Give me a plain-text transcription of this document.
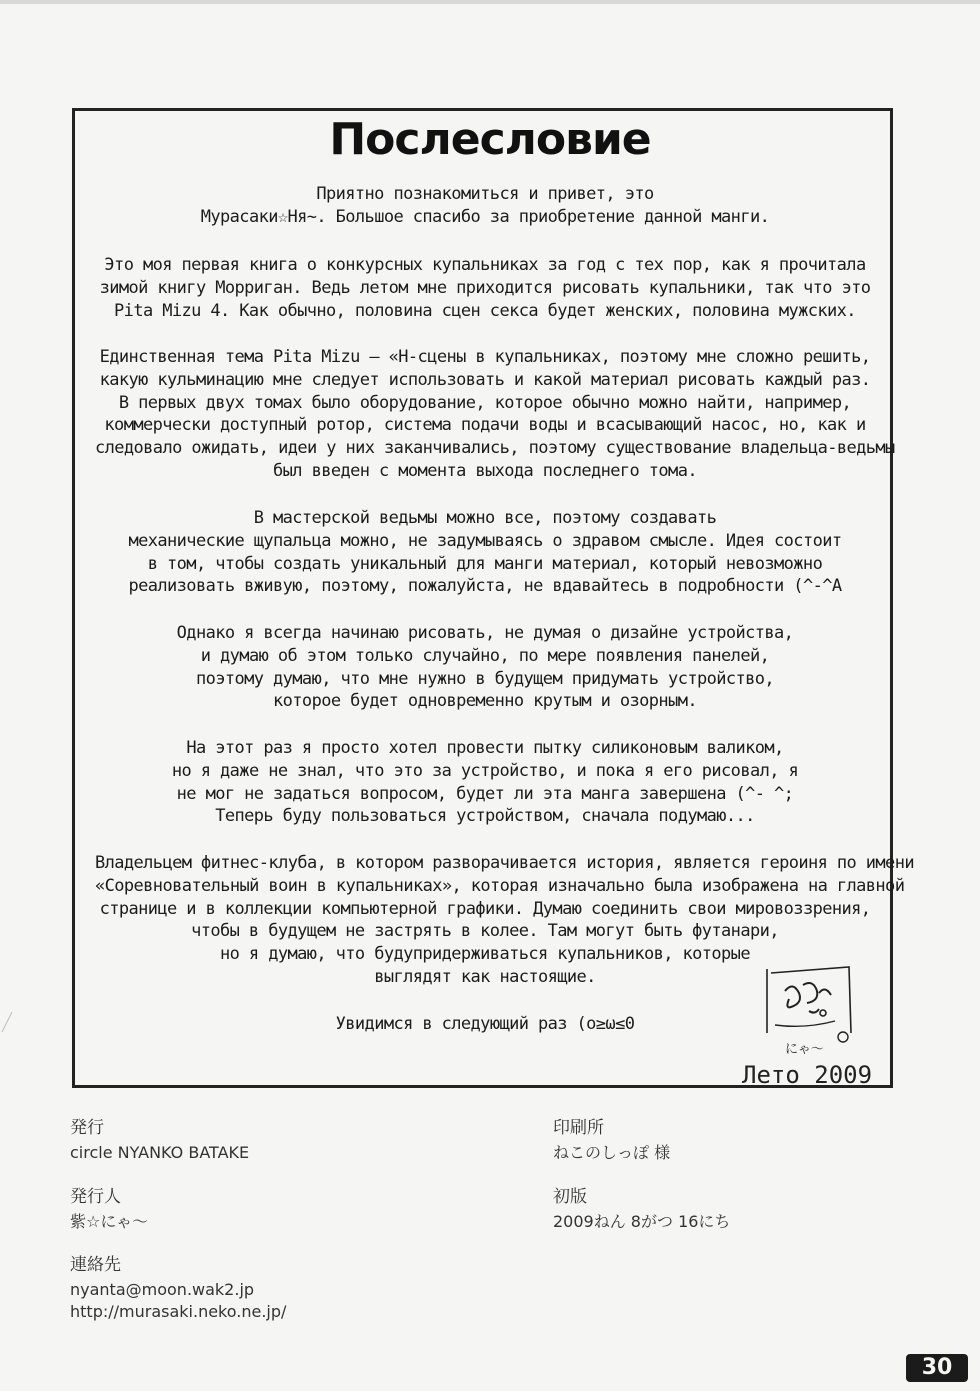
Послесловие
Приятно познакомиться и привет, это
Мурасаки☆Ня~. Большое спасибо за приобретение данной манги.
Это моя первая книга о конкурсных купальниках за год с тех пор, как я прочитала
зимой книгу Морриган. Ведь летом мне приходится рисовать купальники, так что это
Pita Mizu 4. Как обычно, половина сцен секса будет женских, половина мужских.
Единственная тема Pita Mizu — «Н-сцены в купальниках, поэтому мне сложно решить,
какую кульминацию мне следует использовать и какой материал рисовать каждый раз.
В первых двух томах было оборудование, которое обычно можно найти, например,
коммерчески доступный ротор, система подачи воды и всасывающий насос, но, как и
следовало ожидать, идеи у них заканчивались, поэтому существование владельца-ведьмы
был введен с момента выхода последнего тома.
В мастерской ведьмы можно все, поэтому создавать
механические щупальца можно, не задумываясь о здравом смысле. Идея состоит
в том, чтобы создать уникальный для манги материал, который невозможно
реализовать вживую, поэтому, пожалуйста, не вдавайтесь в подробности (^-^А
Однако я всегда начинаю рисовать, не думая о дизайне устройства,
и думаю об этом только случайно, по мере появления панелей,
поэтому думаю, что мне нужно в будущем придумать устройство,
которое будет одновременно крутым и озорным.
На этот раз я просто хотел провести пытку силиконовым валиком,
но я даже не знал, что это за устройство, и пока я его рисовал, я
не мог не задаться вопросом, будет ли эта манга завершена (^- ^;
Теперь буду пользоваться устройством, сначала подумаю...
Владельцем фитнес-клуба, в котором разворачивается история, является героиня по имени
«Соревновательный воин в купальниках», которая изначально была изображена на главной
странице и в коллекции компьютерной графики. Думаю соединить свои мировоззрения,
чтобы в будущем не застрять в колее. Там могут быть футанари,
но я думаю, что будупридерживаться купальников, которые
выглядят как настоящие.
Увидимся в следующий раз (o≥ω≤0
にゃ〜
Лето 2009
発行
circle NYANKO BATAKE
発行人
紫☆にゃ〜
連絡先
nyanta@moon.wak2.jp
http://murasaki.neko.ne.jp/
印刷所
ねこのしっぽ 様
初版
2009ねん 8がつ 16にち
30
